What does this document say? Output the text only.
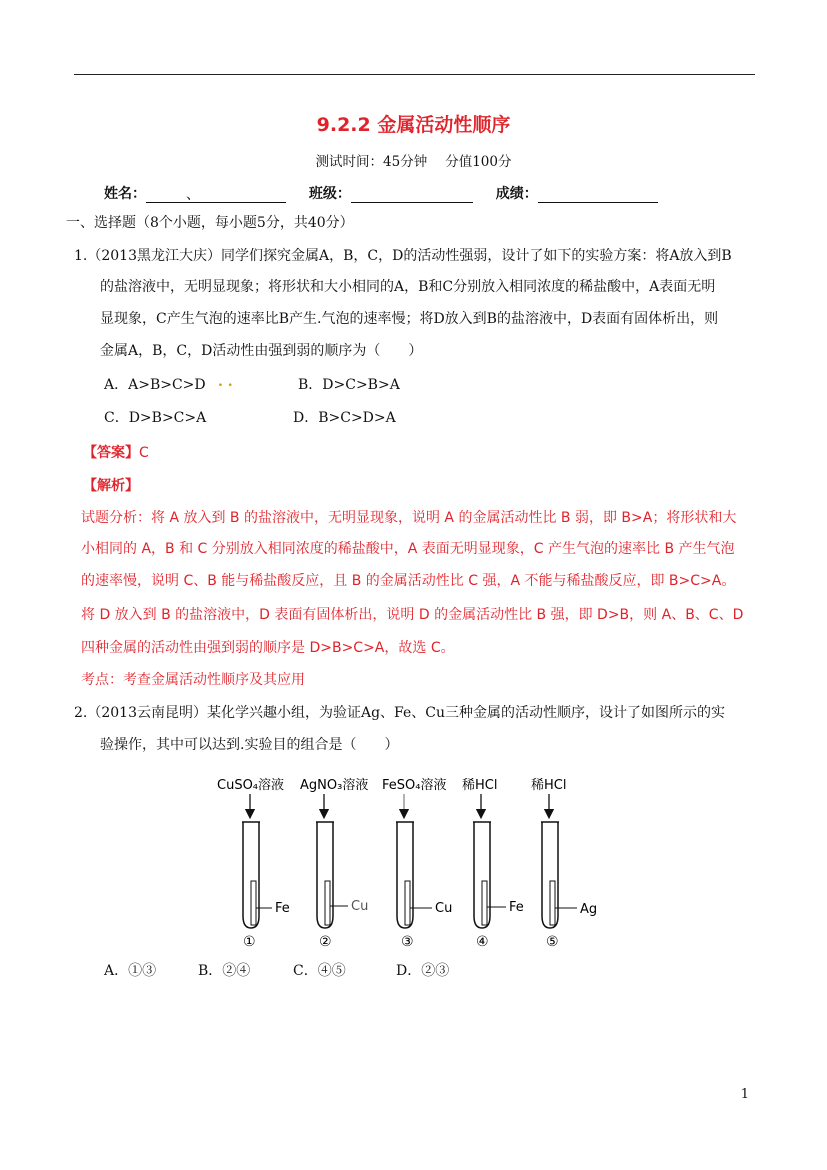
9.2.2 金属活动性顺序
测试时间：45分钟 分值100分
姓名：	、	班级：	成绩：
一、选择题（8个小题，每小题5分，共40分）
1.（2013黑龙江大庆）同学们探究金属A，B，C，D的活动性强弱，设计了如下的实验方案：将A放入到B
的盐溶液中，无明显现象；将形状和大小相同的A，B和C分别放入相同浓度的稀盐酸中，A表面无明
显现象，C产生气泡的速率比B产生.气泡的速率慢；将D放入到B的盐溶液中，D表面有固体析出，则
金属A，B，C，D活动性由强到弱的顺序为（　　）
A．A>B>C>D . .	B．D>C>B>A
C．D>B>C>A	D．B>C>D>A
【答案】C
【解析】
试题分析：将 A 放入到 B 的盐溶液中，无明显现象，说明 A 的金属活动性比 B 弱，即 B>A；将形状和大
小相同的 A，B 和 C 分别放入相同浓度的稀盐酸中，A 表面无明显现象，C 产生气泡的速率比 B 产生气泡
的速率慢，说明 C、B 能与稀盐酸反应，且 B 的金属活动性比 C 强，A 不能与稀盐酸反应，即 B>C>A。
将 D 放入到 B 的盐溶液中，D 表面有固体析出，说明 D 的金属活动性比 B 强，即 D>B，则 A、B、C、D
四种金属的活动性由强到弱的顺序是 D>B>C>A，故选 C。
考点：考查金属活动性顺序及其应用
2.（2013云南昆明）某化学兴趣小组，为验证Ag、Fe、Cu三种金属的活动性顺序，设计了如图所示的实
验操作，其中可以达到.实验目的组合是（　　）
CuSO₄溶液
Fe
①
AgNO₃溶液
Cu
②
FeSO₄溶液
Cu
③
稀HCl
Fe
④
稀HCl
Ag
⑤
A．①③	B．②④	C．④⑤	D．②③
1
